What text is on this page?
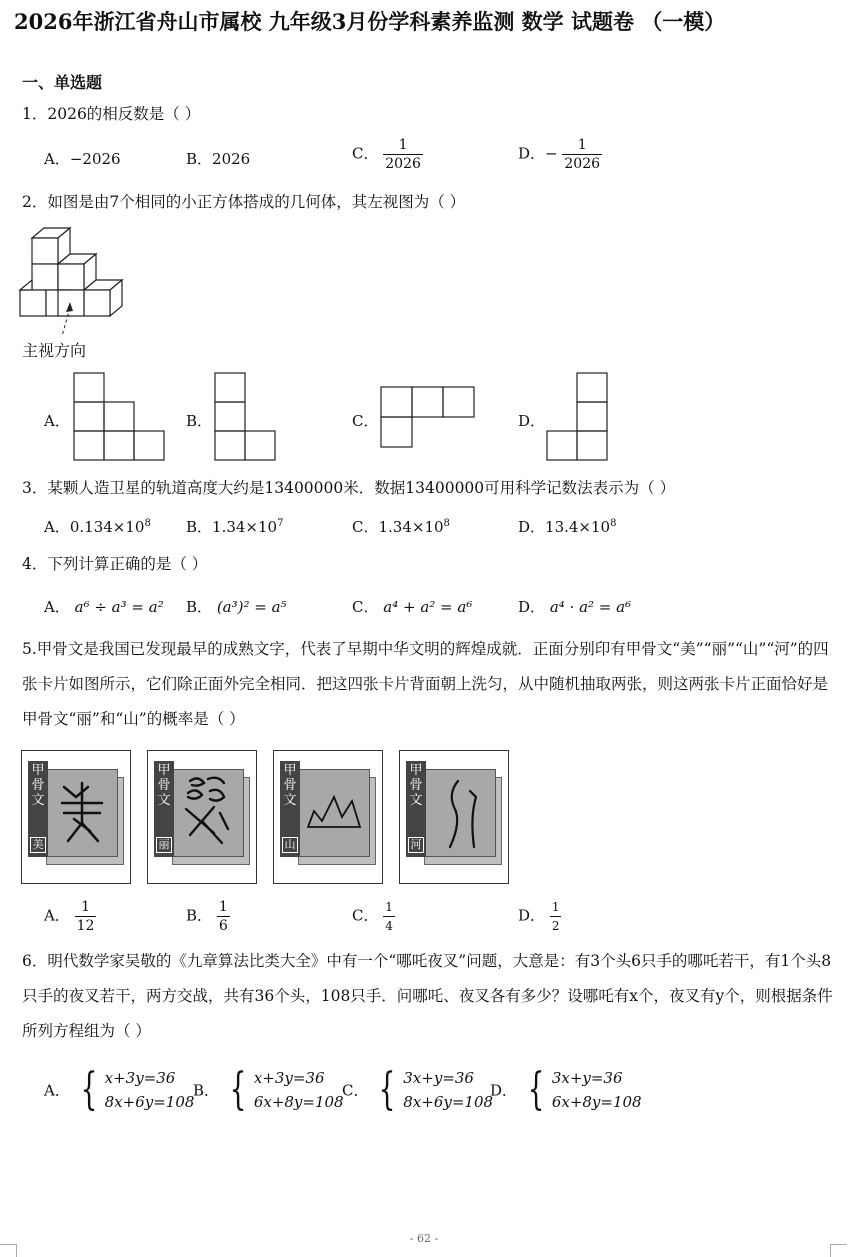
2026年浙江省舟山市属校 九年级3月份学科素养监测 数学 试题卷 （一模）
一、单选题
1．2026的相反数是（ ）
A．−2026	B．2026	C． $\frac{1}{2026}$	D．− $\frac{1}{2026}$
2．如图是由7个相同的小正方体搭成的几何体，其左视图为（ ）
主视方向
A．	B．	C．	D．
3．某颗人造卫星的轨道高度大约是13400000米．数据13400000可用科学记数法表示为（ ）
A．$0.134\times 10^8$ B．$1.34\times 10^7$	C．$1.34\times 10^8$	D．$13.4\times 10^8$
4．下列计算正确的是（ ）
A． a⁶ ÷ a³ = a² B． (a³)² = a⁵	C． a⁴ + a² = a⁶	D． a⁴ · a² = a⁶
5.甲骨文是我国已发现最早的成熟文字，代表了早期中华文明的辉煌成就．正面分别印有甲骨文“美”“丽”“山”“河”的四张卡片如图所示，它们除正面外完全相同．把这四张卡片背面朝上洗匀，从中随机抽取两张，则这两张卡片正面恰好是甲骨文“丽”和“山”的概率是（ ）
甲骨文
美
甲骨文
丽
甲骨文
山
甲骨文
河
A． $\frac{1}{12}$	B． $\frac{1}{6}$	C． $\frac{1}{4}$	D． $\frac{1}{2}$
6．明代数学家吴敬的《九章算法比类大全》中有一个“哪吒夜叉”问题，大意是：有3个头6只手的哪吒若干，有1个头8只手的夜叉若干，两方交战，共有36个头，108只手．问哪吒、夜叉各有多少？设哪吒有x个，夜叉有y个，则根据条件所列方程组为（ ）
A． { x+3y=36
8x+6y=108
B． { x+3y=36
6x+8y=108
C． { 3x+y=36
8x+6y=108
D． { 3x+y=36
6x+8y=108
- 62 -
